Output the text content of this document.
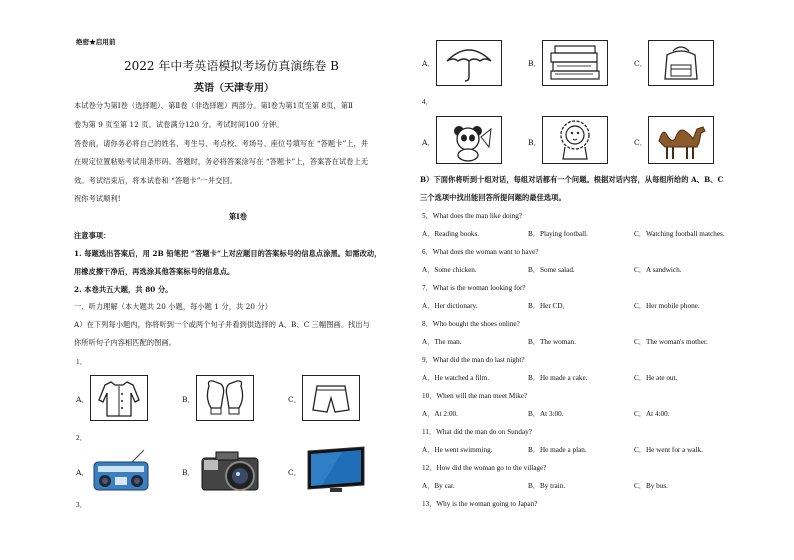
绝密★启用前
2022 年中考英语模拟考场仿真演练卷 B
英语（天津专用）
本试卷分为第Ⅰ卷（选择题）、第Ⅱ卷（非选择题）两部分。第Ⅰ卷为第1页至第 8页，第Ⅱ
卷为第 9 页至第 12 页。试卷满分120 分。考试时间100 分钟。
答卷前，请你务必将自己的姓名、考生号、考点校、考场号、座位号填写在 “答题卡”上，并
在规定位置粘贴考试用条形码。答题时，务必将答案涂写在 “答题卡”上，答案答在试卷上无
效。考试结束后，将本试卷和 “答题卡”一并交回。
祝你考试顺利!
第Ⅰ卷
注意事项：
1. 每题选出答案后，用 2B 铅笔把 “答题卡”上对应题目的答案标号的信息点涂黑。如需改动，
用橡皮擦干净后，再选涂其他答案标号的信息点。
2. 本卷共五大题，共 80 分。
一、听力理解（本大题共 20 小题，每小题 1 分，共 20 分）
A）在下列每小题内，你将听到一个或两个句子并看到供选择的 A、B、C 三幅图画。找出与
你所听句子内容相匹配的图画。
1．
A．	B．	C．
2．
A．	B．	C．
3．
A．	B．	C．
4．
A．	B．	C．
B）下面你将听到十组对话，每组对话都有一个问题。根据对话内容，从每组所给的 A、B、C
三个选项中找出能回答所提问题的最佳选项。
5．What does the man like doing?
A．Reading books.	B．Playing football.	C．Watching football matches.
6．What does the woman want to have?
A．Some chicken.	B．Some salad.	C．A sandwich.
7．What is the woman looking for?
A．Her dictionary.	B．Her CD．	C．Her mobile phone.
8．Who bought the shoes online?
A．The man.	B．The woman.	C．The woman's mother.
9．What did the man do last night?
A．He watched a film.	B．He made a cake.	C．He ate out.
10．When will the man meet Mike?
A．At 2:00.	B．At 3:00.	C．At 4:00.
11．What did the man do on Sunday?
A．He went swimming.	B．He made a plan.	C．He went for a walk.
12．How did the woman go to the village?
A．By car.	B．By train.	C．By bus.
13．Why is the woman going to Japan?
